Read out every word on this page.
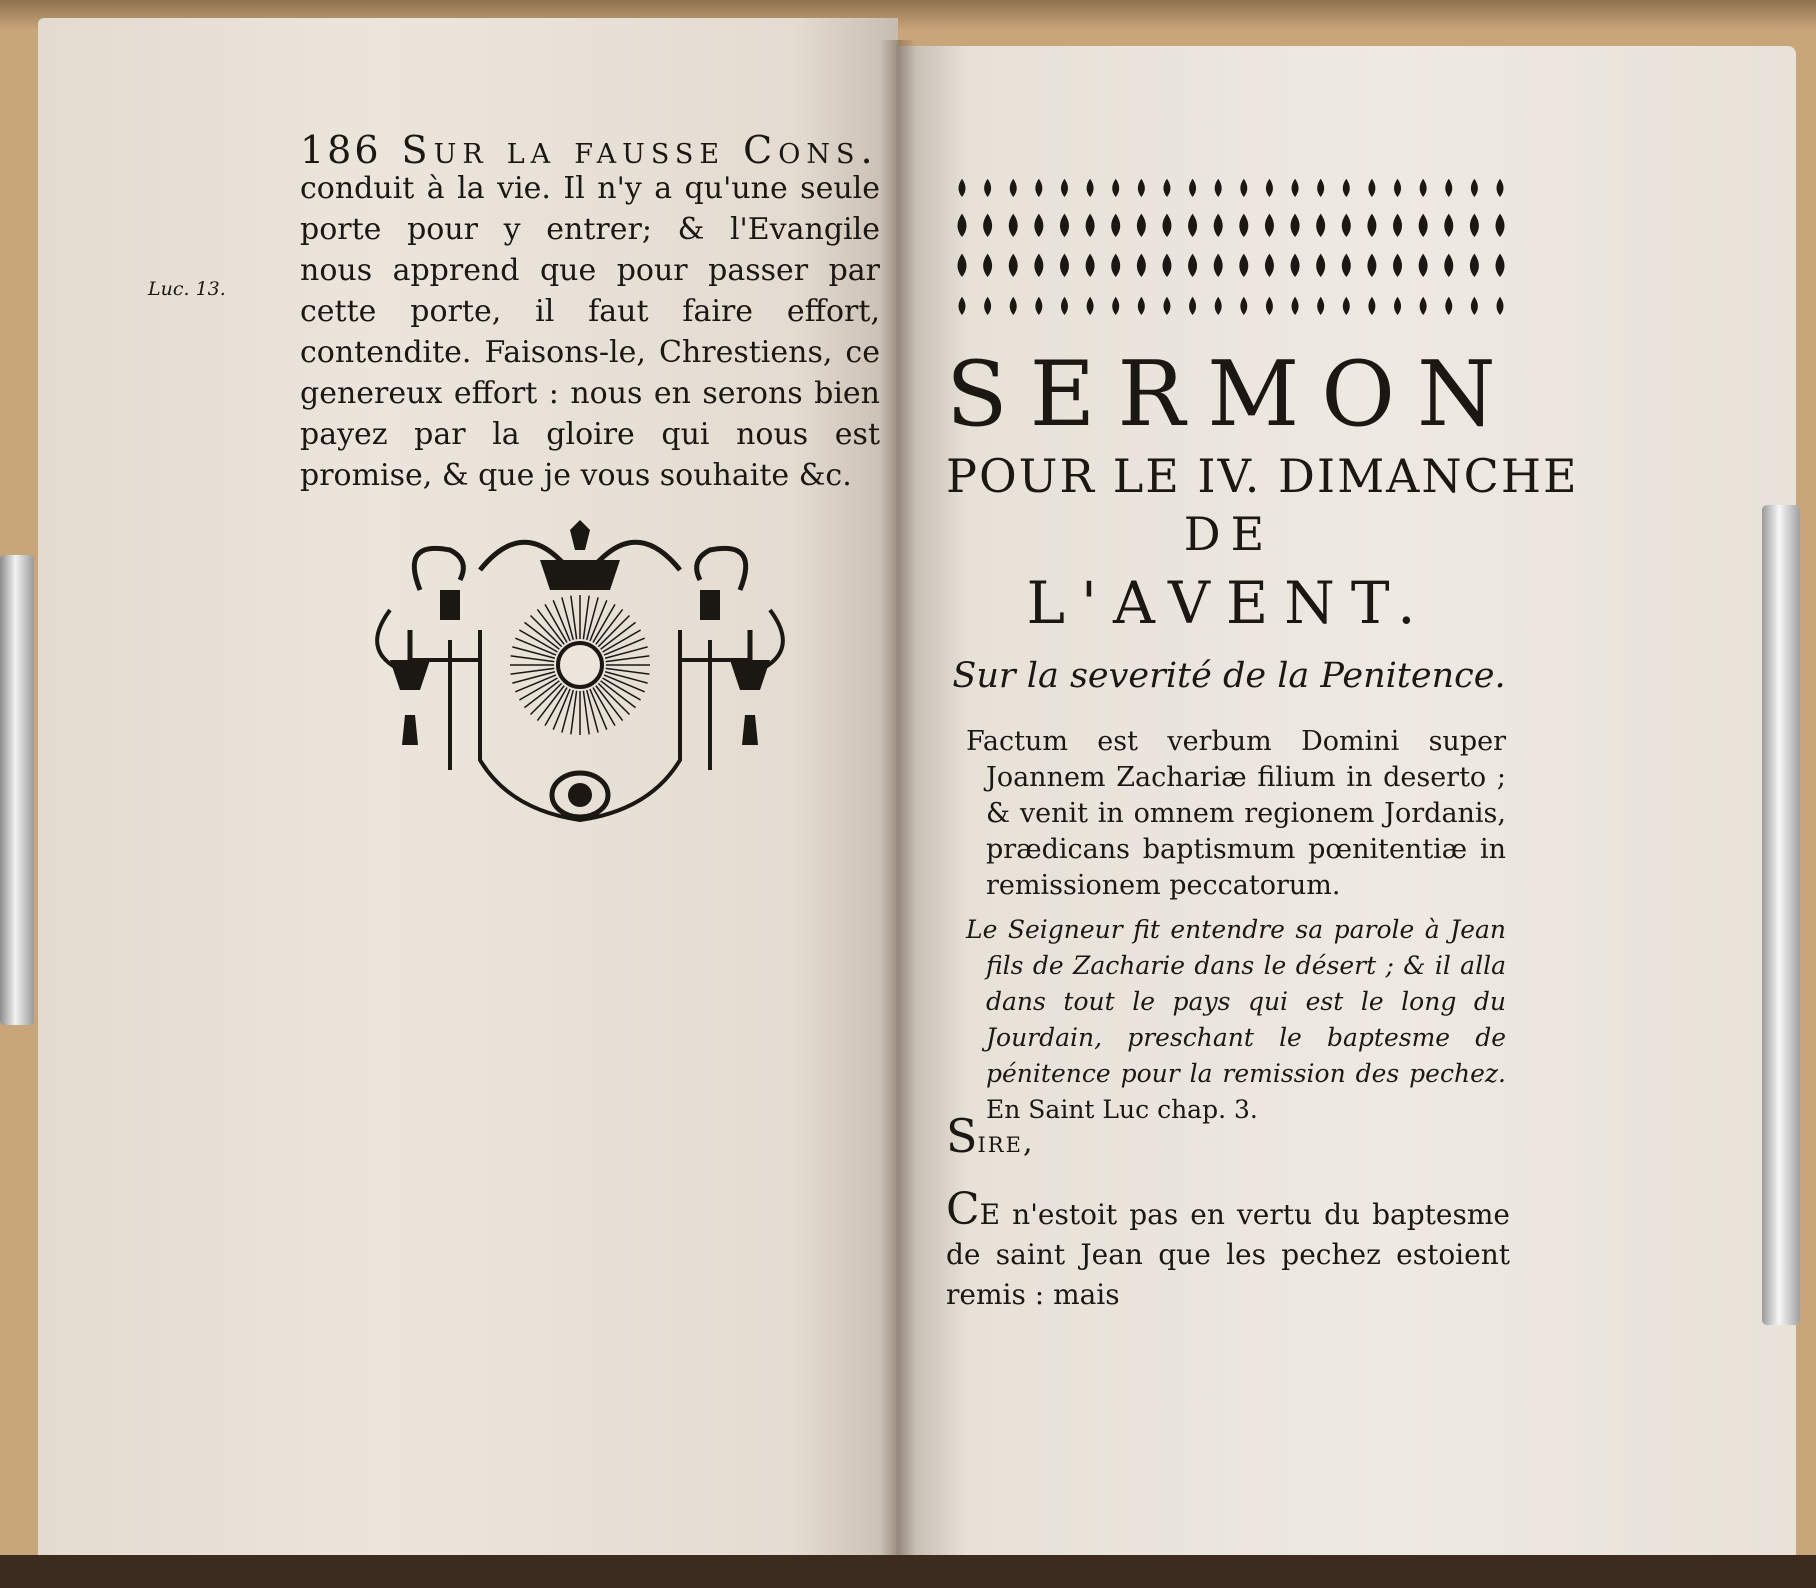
186 Sur la fausse Cons.
Luc. 13.

conduit à la vie. Il n'y a qu'une seule porte pour y entrer; & l'Evangile nous apprend que pour passer par cette porte, il faut faire effort, contendite. Faisons-le, Chrestiens, ce genereux effort : nous en serons bien payez par la gloire qui nous est promise, & que je vous souhaite &c.

SERMON
POUR LE IV. DIMANCHE
DE
L'AVENT.
Sur la severité de la Penitence.

Factum est verbum Domini super Joannem Zachariæ filium in deserto ; & venit in omnem regionem Jordanis, prædicans baptismum pœnitentiæ in remissionem peccatorum.

Le Seigneur fit entendre sa parole à Jean fils de Zacharie dans le désert ; & il alla dans tout le pays qui est le long du Jourdain, preschant le baptesme de pénitence pour la remission des pechez. En Saint Luc chap. 3.

Sire,

CE n'estoit pas en vertu du baptesme de saint Jean que les pechez estoient remis : mais
